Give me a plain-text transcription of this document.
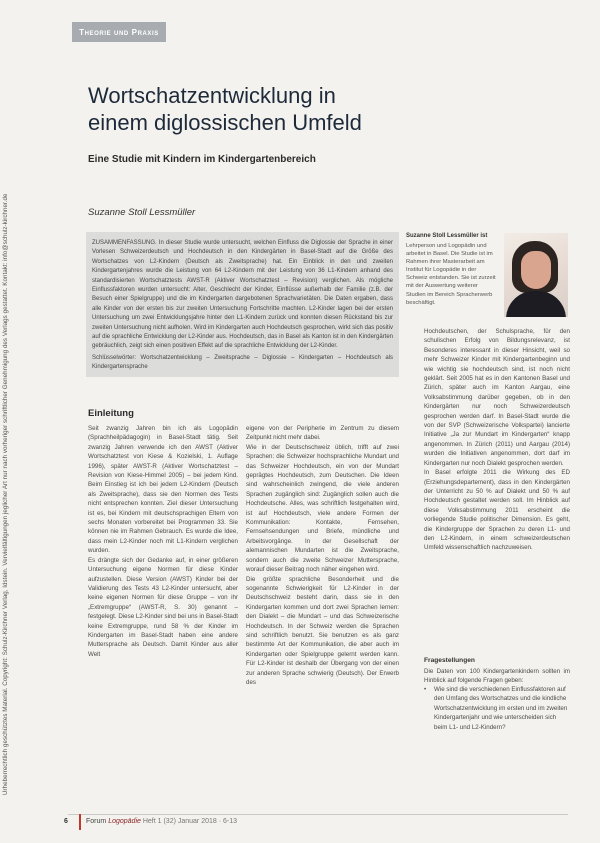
Urheberrechtlich geschütztes Material. Copyright: Schulz-Kirchner Verlag, Idstein. Vervielfältigungen jeglicher Art nur nach vorheriger schriftlicher Genehmigung des Verlags gestattet. Kontakt: info@schulz-kirchner.de
Theorie und Praxis
Wortschatzentwicklung in
einem diglossischen Umfeld
Eine Studie mit Kindern im Kindergartenbereich
Suzanne Stoll Lessmüller
ZUSAMMENFASSUNG. In dieser Studie wurde untersucht, welchen Einfluss die Diglossie der Sprache in einer Vorlesen Schweizerdeutsch und Hochdeutsch in den Kindergärten in Basel-Stadt auf die Größe des Wortschatzes von L2-Kindern (Deutsch als Zweitsprache) hat. Ein Einblick in den und zweiten Kindergartenjahres wurde die Leistung von 64 L2-Kindern mit der Leistung von 36 L1-Kindern anhand des standardisierten Wortschatztests AWST-R (Aktiver Wortschatztest – Revision) verglichen. Als mögliche Einflussfaktoren wurden untersucht: Alter, Geschlecht der Kinder, Einflüsse außerhalb der Familie (z.B. der Besuch einer Spielgruppe) und die im Kindergarten dargebotenen Sprachvarietäten. Die Daten ergaben, dass alle Kinder von der ersten bis zur zweiten Untersuchung Fortschritte machten. L2-Kinder lagen bei der ersten Untersuchung um zwei Entwicklungsjahre hinter den L1-Kindern zurück und konnten diesen Rückstand bis zur zweiten Untersuchung nicht aufholen. Wird im Kindergarten auch Hochdeutsch gesprochen, wirkt sich das positiv auf die sprachliche Entwicklung der L2-Kinder aus. Hochdeutsch, das in Basel als Kanton ist in den Kindergärten gebräuchlich, zeigt sich einen positiven Effekt auf die sprachliche Entwicklung der L2-Kinder.
Schlüsselwörter: Wortschatzentwicklung – Zweitsprache – Diglossie – Kindergarten – Hochdeutsch als Kindergartensprache
Suzanne Stoll Lessmüller ist
Lehrperson und Logopädin und arbeitet in Basel. Die Studie ist im Rahmen ihrer Masterarbeit am Institut für Logopädie in der Schweiz entstanden. Sie ist zurzeit mit der Auswertung weiterer Studien im Bereich Spracherwerb beschäftigt.
Einleitung
Seit zwanzig Jahren bin ich als Logopädin (Sprachheilpädagogin) in Basel-Stadt tätig. Seit zwanzig Jahren verwende ich den AWST (Aktiver Wortschatztest von Kiese & Kozielski, 1. Auflage 1996), später AWST-R (Aktiver Wortschatztest – Revision von Kiese-Himmel 2005) – bei jedem Kind. Beim Einstieg ist ich bei jedem L2-Kindern (Deutsch als Zweitsprache), dass sie den Normen des Tests nicht entsprechen konnten. Ziel dieser Untersuchung ist es, bei Kindern mit deutschsprachigen Eltern von sechs Monaten vorbereitet bei Programmen 33. Sie können nie im Rahmen Gebrauch. Es wurde die Idee, dass mein L2-Kinder noch mit L1-Kindern verglichen wurden.
Es drängte sich der Gedanke auf, in einer größeren Untersuchung eigene Normen für diese Kinder aufzustellen. Diese Version (AWST) Kinder bei der Validierung des Tests 43 L2-Kinder untersucht, aber keine eigenen Normen für diese Gruppe – von ihr „Extremgruppe“ (AWST-R, S. 30) genannt – festgelegt. Diese L2-Kinder sind bei uns in Basel-Stadt keine Extremgruppe, rund 58 % der Kinder im Kindergarten im Basel-Stadt haben eine andere Muttersprache als Deutsch. Damit Kinder aus aller Welt
eigene von der Peripherie im Zentrum zu diesem Zeitpunkt nicht mehr dabei.
Wie in der Deutschschweiz üblich, trifft auf zwei Sprachen: die Schweizer hochsprachliche Mundart und das Schweizer Hochdeutsch, ein von der Mundart geprägtes Hochdeutsch, zum Deutschen. Die Ideen sind wahrscheinlich zwingend, die viele anderen Sprachen zugänglich sind: Zugänglich sollen auch die Hochdeutsche. Alles, was schriftlich festgehalten wird, ist auf Hochdeutsch, viele andere Formen der Kommunikation: Kontakte, Fernsehen, Fernsehsendungen und Briefe, mündliche und Arbeitsvorgänge. In der Gesellschaft der alemannischen Mundarten ist die Zweitsprache, sondern auch die zweite Schweizer Muttersprache, worauf dieser Beitrag noch näher eingehen wird.
Die größte sprachliche Besonderheit und die sogenannte Schwierigkeit für L2-Kinder in der Deutschschweiz besteht darin, dass sie in den Kindergarten kommen und dort zwei Sprachen lernen: den Dialekt – die Mundart – und das Schweizerische Hochdeutsch. In der Schweiz werden die Sprachen sind schriftlich benutzt. Sie benutzen es als ganz bestimmte Art der Kommunikation, die aber auch im Kindergarten oder Spielgruppe gelernt werden kann. Für L2-Kinder ist deshalb der Übergang von der einen zur anderen Sprache schwierig (Deutsch). Der Erwerb des
Hochdeutschen, der Schulsprache, für den schulischen Erfolg von Bildungsrelevanz, ist Besonderes interessant in dieser Hinsicht, weil so mehr Schweizer Kinder mit Kindergartenbeginn und wie wichtig sie hochdeutsch sind, ist noch nicht geklärt. Seit 2005 hat es in den Kantonen Basel und Zürich, später auch im Kanton Aargau, eine Volksabstimmung darüber gegeben, ob in den Kindergärten nur noch Schweizerdeutsch gesprochen werden darf. In Basel-Stadt wurde die von der SVP (Schweizerische Volkspartei) lancierte Initiative „Ja zur Mundart im Kindergarten“ knapp angenommen. In Zürich (2011) und Aargau (2014) wurden die Initiativen angenommen, dort darf im Kindergarten nur noch Dialekt gesprochen werden.
In Basel erfolgte 2011 die Wirkung des ED (Erziehungsdepartement), dass in den Kindergärten der Unterricht zu 50 % auf Dialekt und 50 % auf Hochdeutsch gestaltet werden soll. Im Hinblick auf diese Volksabstimmung 2011 erscheint die vorliegende Studie politischer Dimension. Es geht, die Kindergruppe der Sprachen zu deren L1- und den L2-Kindern, in einem schweizerdeutschen Umfeld wissenschaftlich nachzuweisen.
Fragestellungen
Die Daten von 100 Kindergartenkindern sollten im Hinblick auf folgende Fragen geben:

• Wie sind die verschiedenen Einflussfaktoren auf den Umfang des Wortschatzes und die kindliche Wortschatzentwicklung im ersten und im zweiten Kindergartenjahr und wie unterscheiden sich beim L1- und L2-Kindern?

6	Forum Logopädie Heft 1 (32) Januar 2018 · 6-13
